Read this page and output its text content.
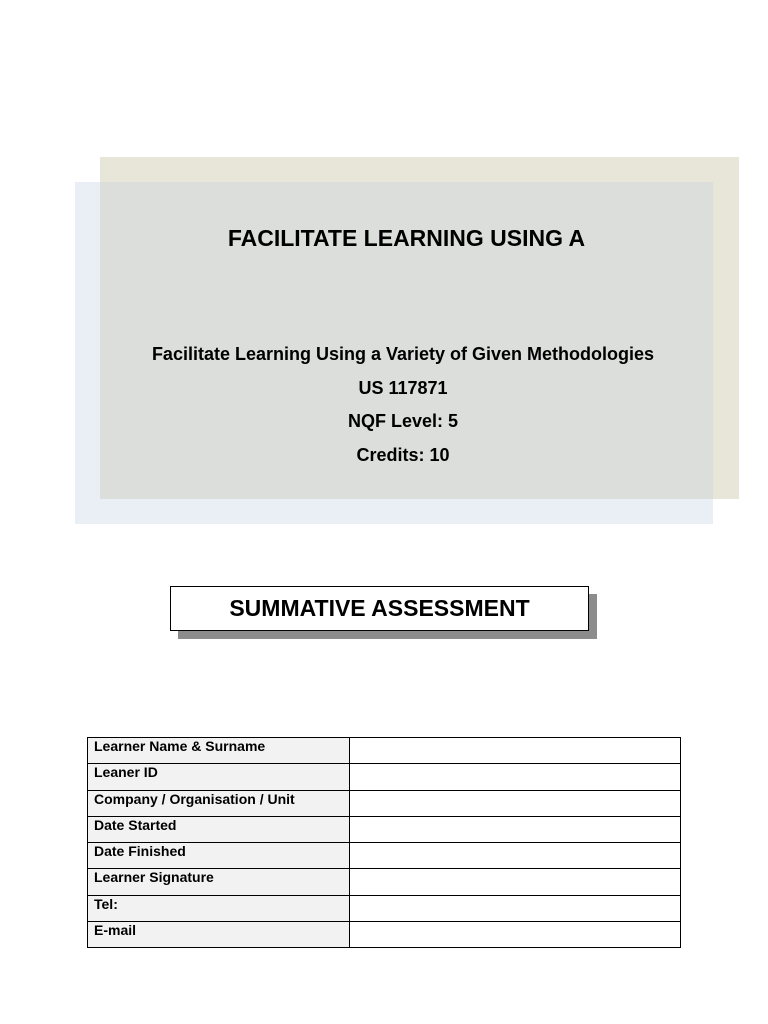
FACILITATE LEARNING USING A
Facilitate Learning Using a Variety of Given Methodologies
US 117871
NQF Level: 5
Credits: 10
SUMMATIVE ASSESSMENT
Learner Name & Surname	
Leaner ID	
Company / Organisation / Unit	
Date Started	
Date Finished	
Learner Signature	
Tel:	
E-mail	
